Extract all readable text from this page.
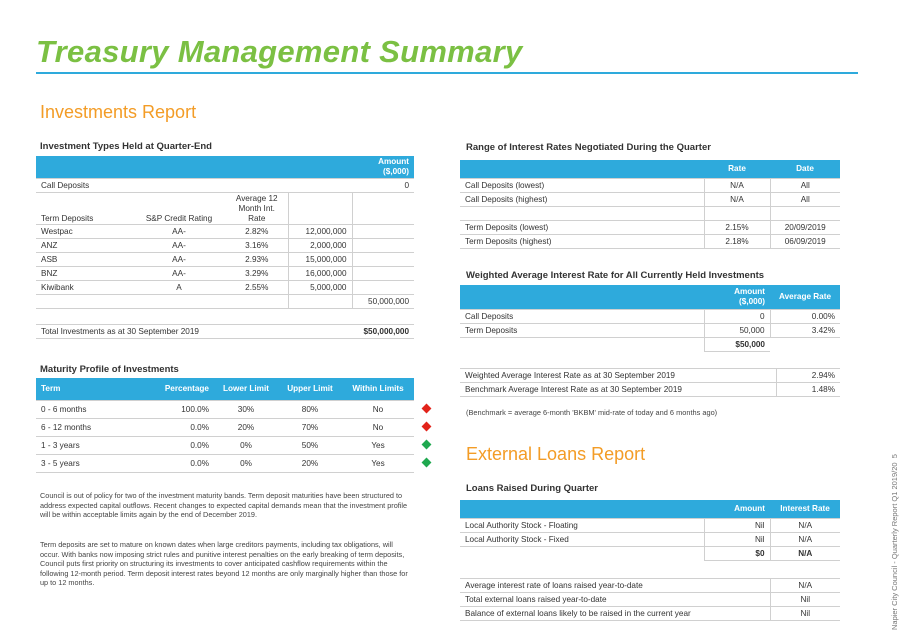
Treasury Management Summary
Investments Report
Investment Types Held at Quarter-End
				Amount ($,000)
Call Deposits				0
Term Deposits	S&P Credit Rating	Average 12 Month Int. Rate		
Westpac	AA-	2.82%	12,000,000	
ANZ	AA-	3.16%	2,000,000	
ASB	AA-	2.93%	15,000,000	
BNZ	AA-	3.29%	16,000,000	
Kiwibank	A	2.55%	5,000,000	
				50,000,000

Total Investments as at 30 September 2019				$50,000,000
Maturity Profile of Investments
Term	Percentage	Lower Limit	Upper Limit	Within Limits
0 - 6 months	100.0%	30%	80%	No
6 - 12 months	0.0%	20%	70%	No
1 - 3 years	0.0%	0%	50%	Yes
3 - 5 years	0.0%	0%	20%	Yes
Council is out of policy for two of the investment maturity bands. Term deposit maturities have been structured to address expected capital outflows. Recent changes to expected capital demands mean that the investment profile will be within acceptable limits again by the end of December 2019.
Term deposits are set to mature on known dates when large creditors payments, including tax obligations, will occur. With banks now imposing strict rules and punitive interest penalties on the early breaking of term deposits, Council puts first priority on structuring its investments to cover anticipated cashflow requirements within the following 12-month period. Term deposit interest rates beyond 12 months are only marginally higher than those for up to 12 months.
Range of Interest Rates Negotiated During the Quarter
	Rate	Date
Call Deposits (lowest)	N/A	All
Call Deposits (highest)	N/A	All

Term Deposits (lowest)	2.15%	20/09/2019
Term Deposits (highest)	2.18%	06/09/2019
Weighted Average Interest Rate for All Currently Held Investments
	Amount ($,000)	Average Rate
Call Deposits	0	0.00%
Term Deposits	50,000	3.42%
	$50,000	
Weighted Average Interest Rate as at 30 September 2019	2.94%
Benchmark Average Interest Rate as at 30 September 2019	1.48%
(Benchmark = average 6-month 'BKBM' mid-rate of today and 6 months ago)
External Loans Report
Loans Raised During Quarter
	Amount	Interest Rate
Local Authority Stock - Floating	Nil	N/A
Local Authority Stock - Fixed	Nil	N/A
	$0	N/A
Average interest rate of loans raised year-to-date	N/A
Total external loans raised year-to-date	Nil
Balance of external loans likely to be raised in the current year	Nil	Napier City Council - Quarterly Report Q1 2019/20  5
